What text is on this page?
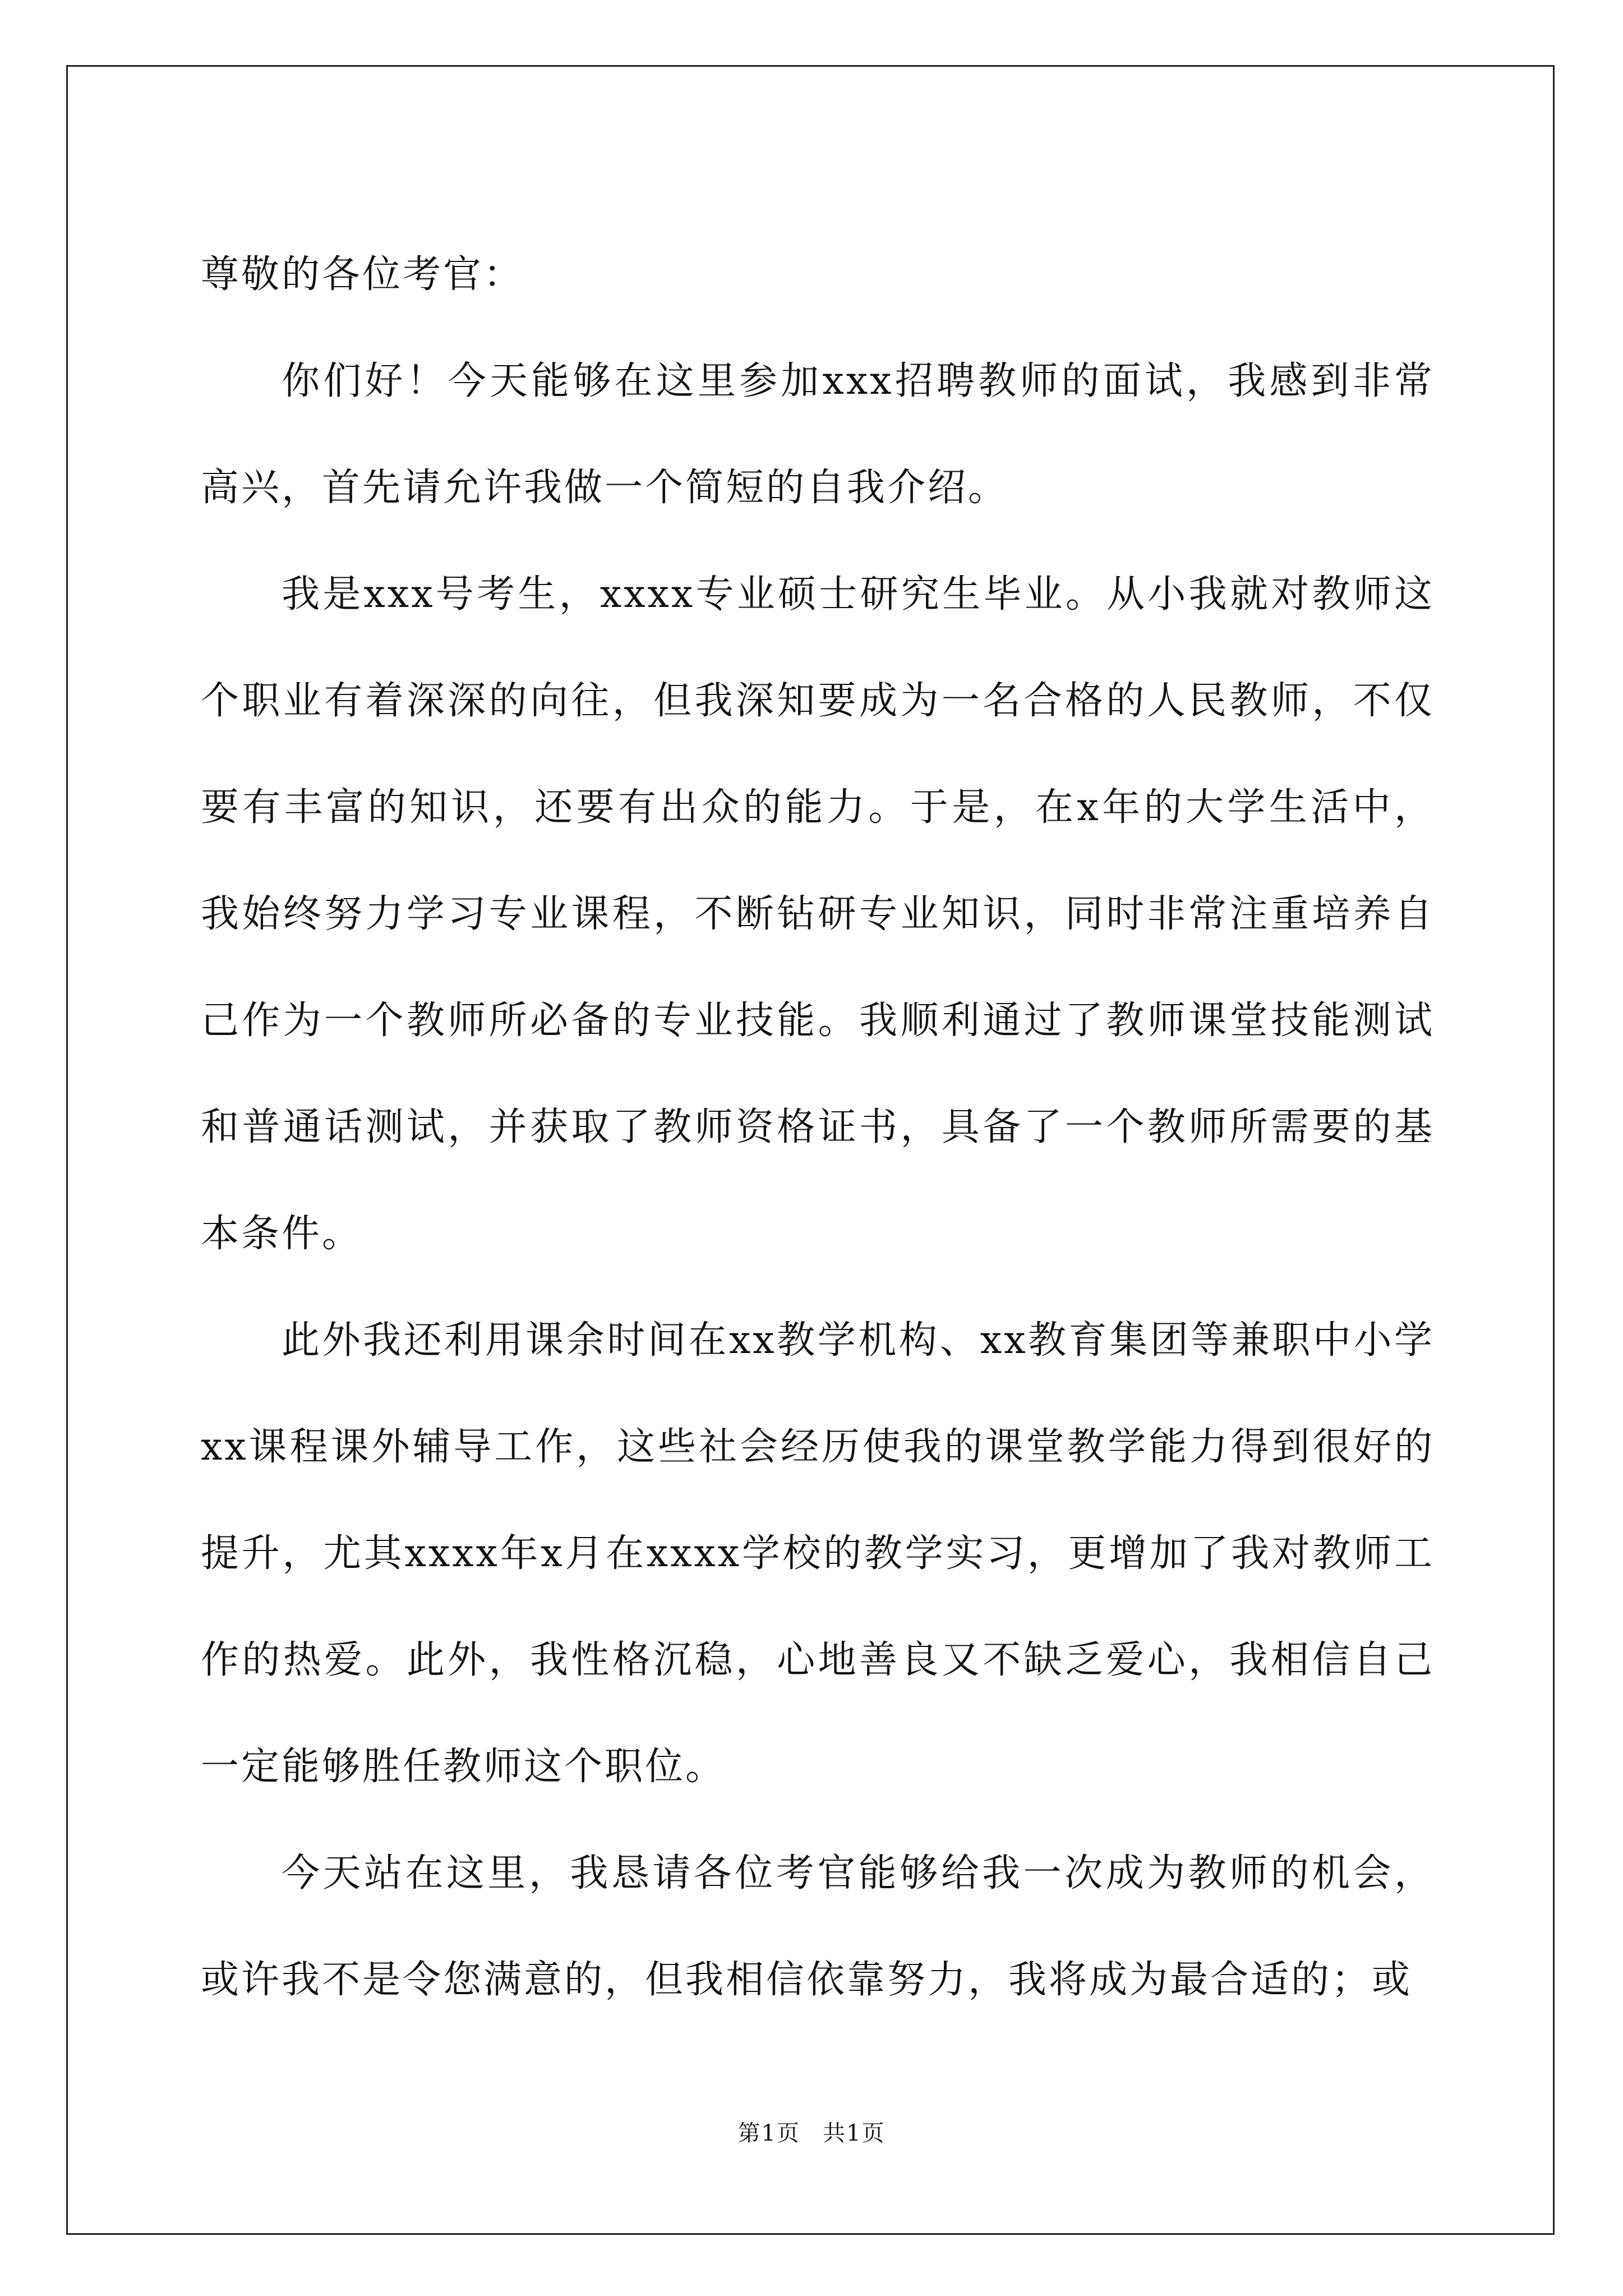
尊敬的各位考官：

你们好！今天能够在这里参加xxx招聘教师的面试，我感到非常高兴，首先请允许我做一个简短的自我介绍。

我是xxx号考生，xxxx专业硕士研究生毕业。从小我就对教师这个职业有着深深的向往，但我深知要成为一名合格的人民教师，不仅要有丰富的知识，还要有出众的能力。于是，在x年的大学生活中，我始终努力学习专业课程，不断钻研专业知识，同时非常注重培养自己作为一个教师所必备的专业技能。我顺利通过了教师课堂技能测试和普通话测试，并获取了教师资格证书，具备了一个教师所需要的基本条件。

此外我还利用课余时间在xx教学机构、xx教育集团等兼职中小学xx课程课外辅导工作，这些社会经历使我的课堂教学能力得到很好的提升，尤其xxxx年x月在xxxx学校的教学实习，更增加了我对教师工作的热爱。此外，我性格沉稳，心地善良又不缺乏爱心，我相信自己一定能够胜任教师这个职位。

今天站在这里，我恳请各位考官能够给我一次成为教师的机会，或许我不是令您满意的，但我相信依靠努力，我将成为最合适的；或

第1页 共1页
